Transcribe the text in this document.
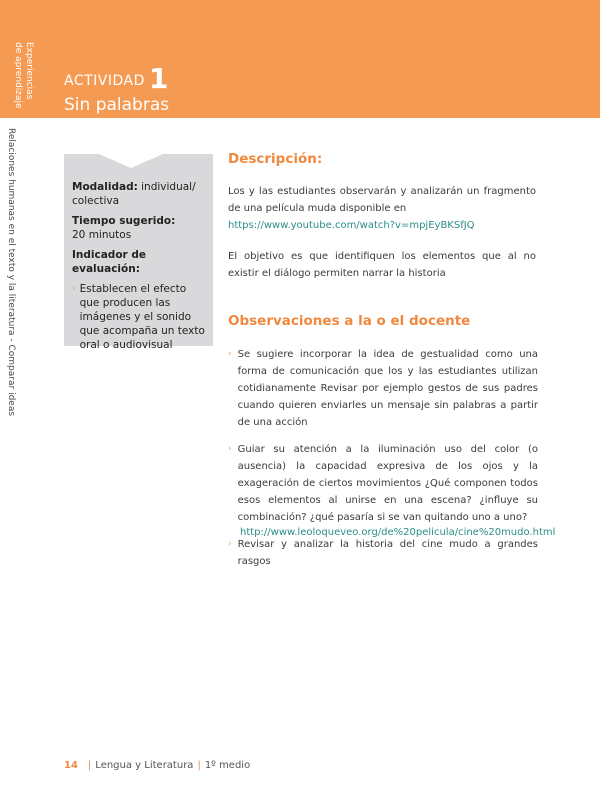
Experiencias de aprendizaje	ACTIVIDAD 1
Sin palabras
Relaciones humanas en el texto y la literatura - Comparar ideas	Modalidad: individual/ colectiva

Tiempo sugerido:
20 minutos

Indicador de evaluación:

› Establecen el efecto que producen las imágenes y el sonido que acompaña un texto oral o audiovisual
Descripción:
Los y las estudiantes observarán y analizarán un fragmento de una película muda disponible en
https://www.youtube.com/watch?v=mpjEyBKSfJQ
El objetivo es que identifiquen los elementos que al no existir el diálogo permiten narrar la historia
Observaciones a la o el docente
› Se sugiere incorporar la idea de gestualidad como una forma de comunicación que los y las estudiantes utilizan cotidianamente Revisar por ejemplo gestos de sus padres cuando quieren enviarles un mensaje sin palabras a partir de una acción
› Guiar su atención a la iluminación uso del color (o ausencia) la capacidad expresiva de los ojos y la exageración de ciertos movimientos ¿Qué componen todos esos elementos al unirse en una escena? ¿influye su combinación? ¿qué pasaría si se van quitando uno a uno?
› Revisar y analizar la historia del cine mudo a grandes rasgos
http://www.leoloqueveo.org/de%20pelicula/cine%20mudo.html
14 | Lengua y Literatura | 1º medio
